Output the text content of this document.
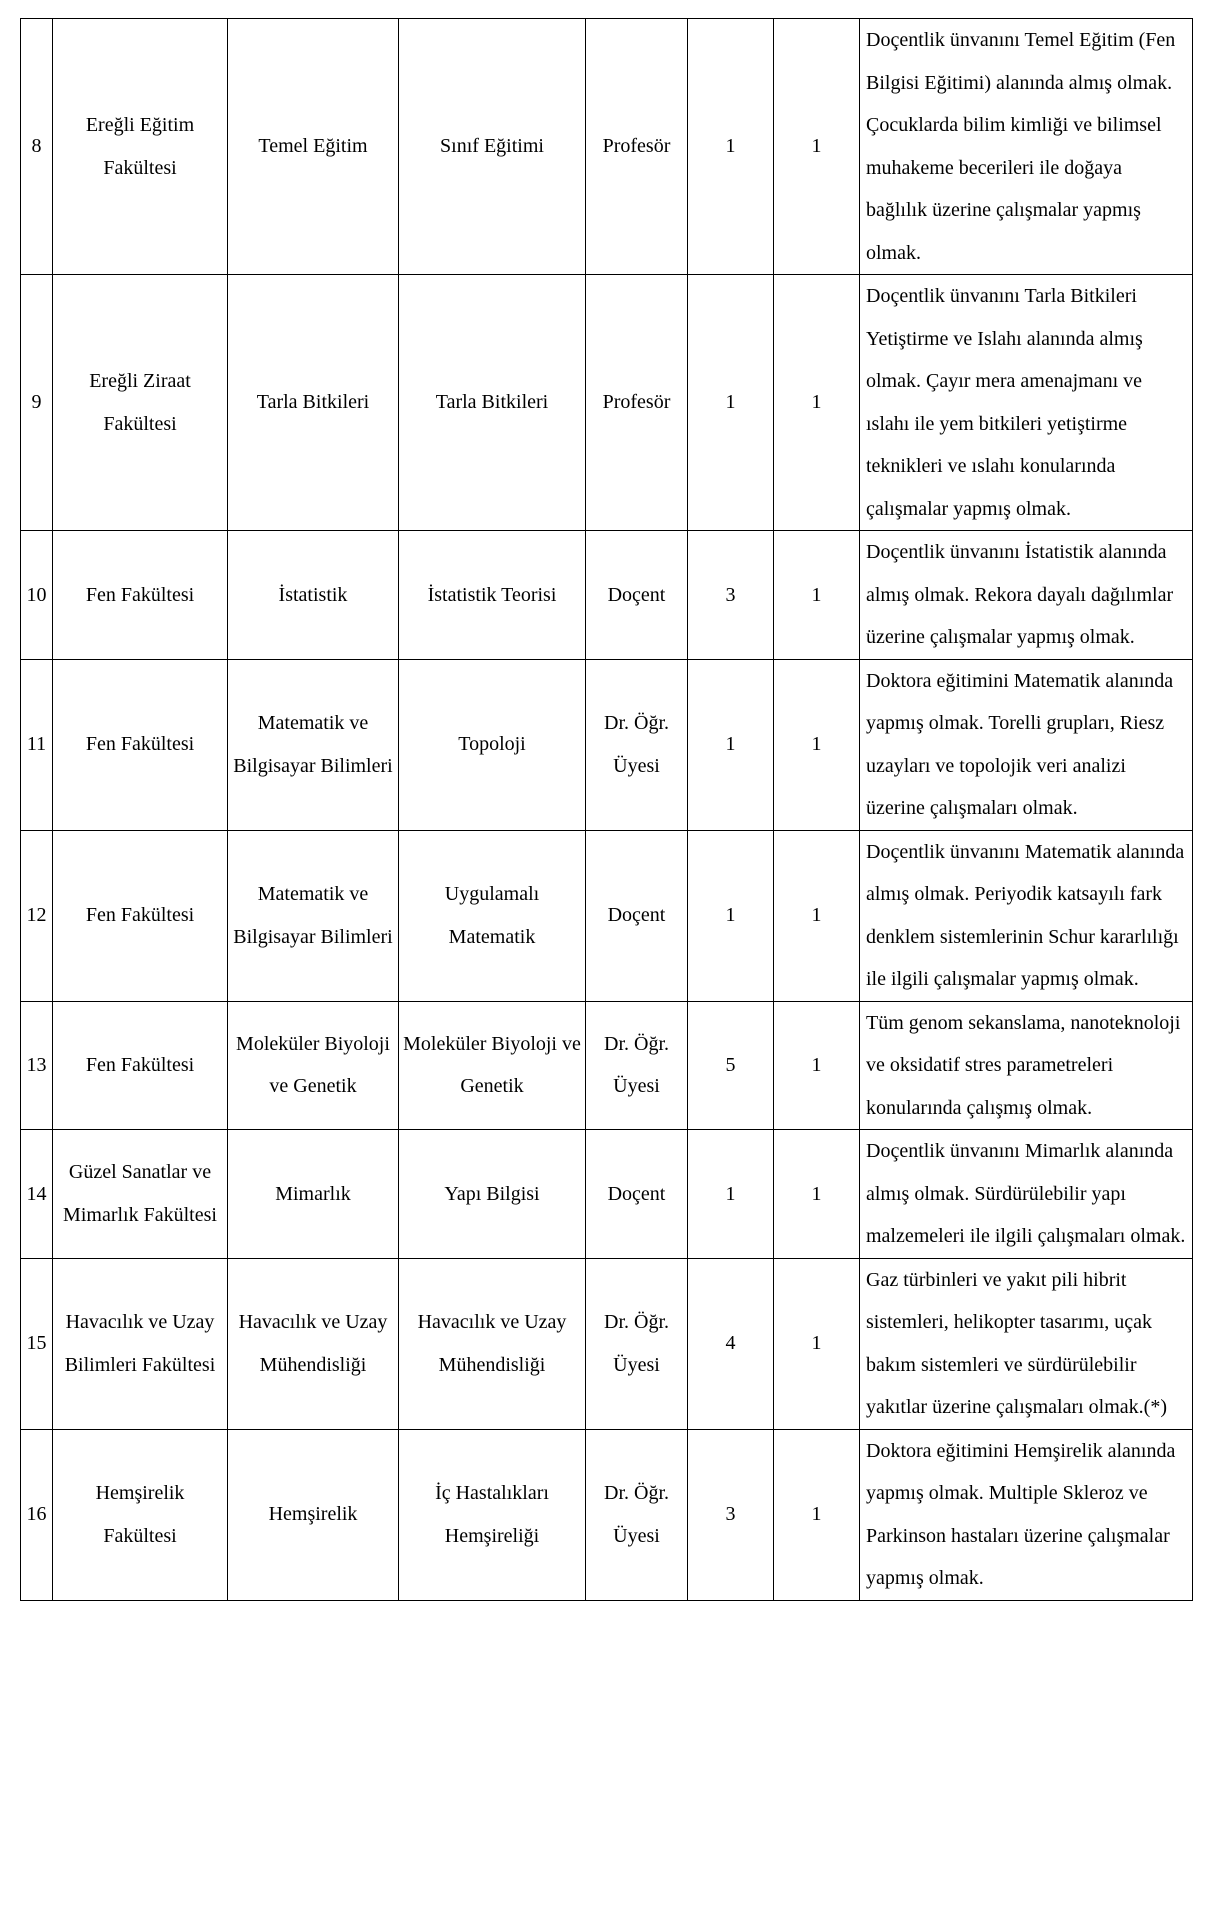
8	Ereğli Eğitim Fakültesi	Temel Eğitim	Sınıf Eğitimi	Profesör	1	1	Doçentlik ünvanını Temel Eğitim (Fen Bilgisi Eğitimi) alanında almış olmak. Çocuklarda bilim kimliği ve bilimsel muhakeme becerileri ile doğaya bağlılık üzerine çalışmalar yapmış olmak.
9	Ereğli Ziraat Fakültesi	Tarla Bitkileri	Tarla Bitkileri	Profesör	1	1	Doçentlik ünvanını Tarla Bitkileri Yetiştirme ve Islahı alanında almış olmak. Çayır mera amenajmanı ve ıslahı ile yem bitkileri yetiştirme teknikleri ve ıslahı konularında çalışmalar yapmış olmak.
10	Fen Fakültesi	İstatistik	İstatistik Teorisi	Doçent	3	1	Doçentlik ünvanını İstatistik alanında almış olmak. Rekora dayalı dağılımlar üzerine çalışmalar yapmış olmak.
11	Fen Fakültesi	Matematik ve Bilgisayar Bilimleri	Topoloji	Dr. Öğr. Üyesi	1	1	Doktora eğitimini Matematik alanında yapmış olmak. Torelli grupları, Riesz uzayları ve topolojik veri analizi üzerine çalışmaları olmak.
12	Fen Fakültesi	Matematik ve Bilgisayar Bilimleri	Uygulamalı Matematik	Doçent	1	1	Doçentlik ünvanını Matematik alanında almış olmak. Periyodik katsayılı fark denklem sistemlerinin Schur kararlılığı ile ilgili çalışmalar yapmış olmak.
13	Fen Fakültesi	Moleküler Biyoloji ve Genetik	Moleküler Biyoloji ve Genetik	Dr. Öğr. Üyesi	5	1	Tüm genom sekanslama, nanoteknoloji ve oksidatif stres parametreleri konularında çalışmış olmak.
14	Güzel Sanatlar ve Mimarlık Fakültesi	Mimarlık	Yapı Bilgisi	Doçent	1	1	Doçentlik ünvanını Mimarlık alanında almış olmak. Sürdürülebilir yapı malzemeleri ile ilgili çalışmaları olmak.
15	Havacılık ve Uzay Bilimleri Fakültesi	Havacılık ve Uzay Mühendisliği	Havacılık ve Uzay Mühendisliği	Dr. Öğr. Üyesi	4	1	Gaz türbinleri ve yakıt pili hibrit sistemleri, helikopter tasarımı, uçak bakım sistemleri ve sürdürülebilir yakıtlar üzerine çalışmaları olmak.(*)
16	Hemşirelik Fakültesi	Hemşirelik	İç Hastalıkları Hemşireliği	Dr. Öğr. Üyesi	3	1	Doktora eğitimini Hemşirelik alanında yapmış olmak. Multiple Skleroz ve Parkinson hastaları üzerine çalışmalar yapmış olmak.
